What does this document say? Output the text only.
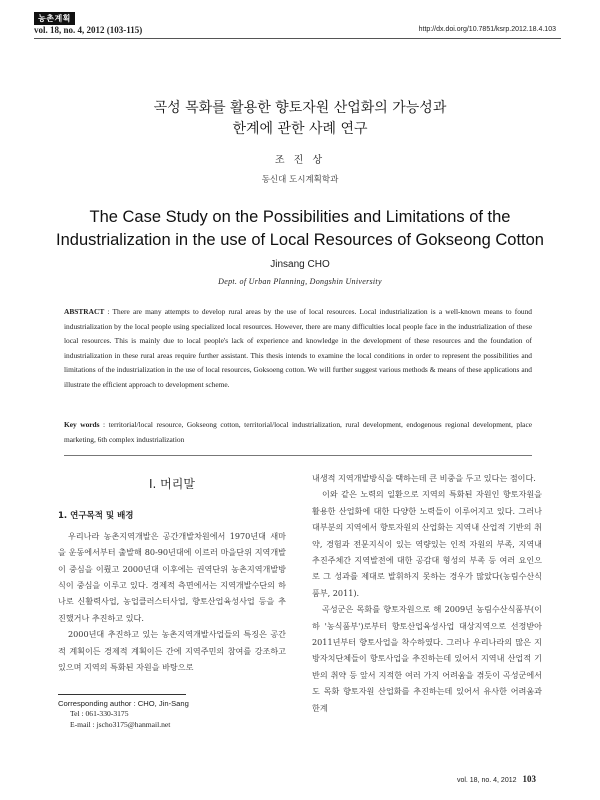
농촌계획
vol. 18, no. 4, 2012 (103-115)	http://dx.doi.org/10.7851/ksrp.2012.18.4.103
곡성 목화를 활용한 향토자원 산업화의 가능성과
한계에 관한 사례 연구
조 진 상
동신대 도시계획학과
The Case Study on the Possibilities and Limitations of the
Industrialization in the use of Local Resources of Gokseong Cotton
Jinsang CHO
Dept. of Urban Planning, Dongshin University
ABSTRACT : There are many attempts to develop rural areas by the use of local resources. Local industrialization is a well-known means to found industrialization by the local people using specialized local resources. However, there are many difficulties local people face in the industrialization of these local resources. This is mainly due to local people's lack of experience and knowledge in the development of these resources and the foundation of industrialization in these rural areas require further assistant. This thesis intends to examine the local conditions in order to represent the possibilities and limitations of the industrialization in the use of local resources, Goksoeng cotton. We will further suggest various methods & means of these applications and illustrate the efficient approach to development scheme.
Key words : territorial/local resource, Gokseong cotton, territorial/local industrialization, rural development, endogenous regional development, place marketing, 6th complex industrialization
I. 머리말
1. 연구목적 및 배경

우리나라 농촌지역개발은 공간개발차원에서 1970년대 새마을 운동에서부터 출발해 80-90년대에 이르러 마을단위 지역개발이 중심을 이뤘고 2000년대 이후에는 권역단위 농촌지역개발방식이 중심을 이루고 있다. 경제적 측면에서는 지역개발수단의 하나로 신활력사업, 농업클러스터사업, 향토산업육성사업 등을 추진했거나 추진하고 있다.

2000년대 추진하고 있는 농촌지역개발사업들의 특징은 공간적 계획이든 경제적 계획이든 간에 지역주민의 참여를 강조하고 있으며 지역의 특화된 자원을 바탕으로

내생적 지역개발방식을 택하는데 큰 비중을 두고 있다는 점이다.

이와 같은 노력의 일환으로 지역의 특화된 자원인 향토자원을 활용한 산업화에 대한 다양한 노력들이 이루어지고 있다. 그러나 대부분의 지역에서 향토자원의 산업화는 지역내 산업적 기반의 취약, 경험과 전문지식이 있는 역량있는 인적 자원의 부족, 지역내 추진주체간 지역발전에 대한 공감대 형성의 부족 등 여러 요인으로 그 성과를 제대로 발휘하지 못하는 경우가 많았다(농림수산식품부, 2011).

곡성군은 목화를 향토자원으로 해 2009년 농림수산식품부(이하 '농식품부')로부터 향토산업육성사업 대상지역으로 선정받아 2011년부터 향토사업을 착수하였다. 그러나 우리나라의 많은 지방자치단체들이 향토사업을 추진하는데 있어서 지역내 산업적 기반의 취약 등 앞서 지적한 여러 가지 어려움을 겪듯이 곡성군에서도 목화 향토자원 산업화를 추진하는데 있어서 유사한 어려움과 한계

Corresponding author : CHO, Jin-Sang
Tel : 061-330-3175
E-mail : jscho3175@hanmail.net
vol. 18, no. 4, 2012 103
